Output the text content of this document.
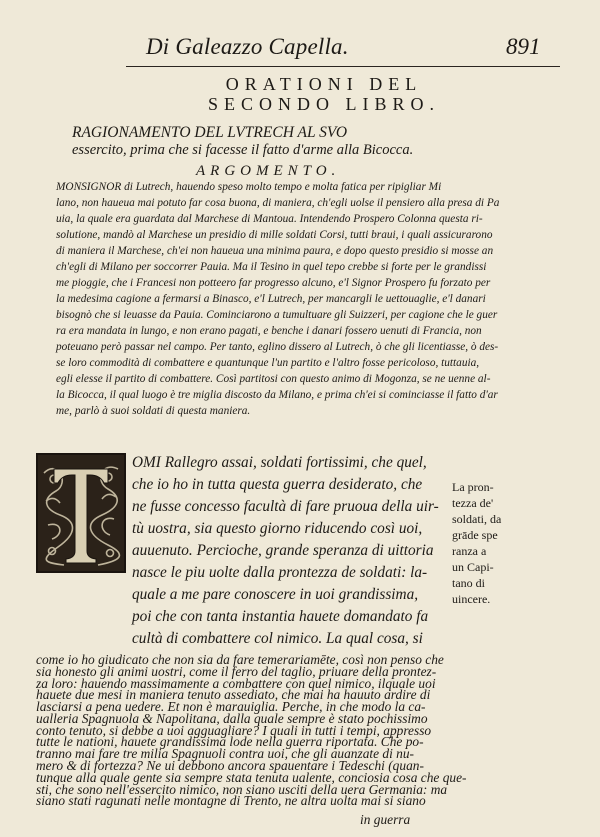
Di Galeazzo Capella.	891
ORATIONI DEL
SECONDO LIBRO.
RAGIONAMENTO DEL LVTRECH AL SVO
essercito, prima che si facesse il fatto d'arme alla Bicocca.
ARGOMENTO.
MONSIGNOR di Lutrech, hauendo speso molto tempo e molta fatica per ripigliar Mi
lano, non haueua mai potuto far cosa buona, di maniera, ch'egli uolse il pensiero alla presa di Pa
uia, la quale era guardata dal Marchese di Mantoua. Intendendo Prospero Colonna questa ri-
solutione, mandò al Marchese un presidio di mille soldati Corsi, tutti braui, i quali assicurarono
di maniera il Marchese, ch'ei non haueua una minima paura, e dopo questo presidio si mosse an
ch'egli di Milano per soccorrer Pauia. Ma il Tesino in quel tepo crebbe si forte per le grandissi
me pioggie, che i Francesi non potteero far progresso alcuno, e'l Signor Prospero fu forzato per
la medesima cagione a fermarsi a Binasco, e'l Lutrech, per mancargli le uettouaglie, e'l danari
bisognò che si leuasse da Pauia. Cominciarono a tumultuare gli Suizzeri, per cagione che le guer
ra era mandata in lungo, e non erano pagati, e benche i danari fossero uenuti di Francia, non
poteuano però passar nel campo. Per tanto, eglino dissero al Lutrech, ò che gli licentiasse, ò des-
se loro commodità di combattere e quantunque l'un partito e l'altro fosse pericoloso, tuttauia,
egli elesse il partito di combattere. Così partitosi con questo animo di Mogonza, se ne uenne al-
la Bicocca, il qual luogo è tre miglia discosto da Milano, e prima ch'ei si cominciasse il fatto d'ar
me, parlò à suoi soldati di questa maniera.
OMI Rallegro assai, soldati fortissimi, che quel,
che io ho in tutta questa guerra desiderato, che
ne fusse concesso facultà di fare pruoua della uir-
tù uostra, sia questo giorno riducendo così uoi,
auuenuto. Percioche, grande speranza di uittoria
nasce le piu uolte dalla prontezza de soldati: la-
quale a me pare conoscere in uoi grandissima,
poi che con tanta instantia hauete domandato fa
cultà di combattere col nimico. La qual cosa, si
come io ho giudicato che non sia da fare temerariamēte, così non penso che
sia honesto gli animi uostri, come il ferro del taglio, priuare della prontez-
za loro: hauendo massimamente a combattere con quel nimico, ilquale uoi
hauete due mesi in maniera tenuto assediato, che mai ha hauuto ardire di
lasciarsi a pena uedere. Et non è marauiglia. Perche, in che modo la ca-
ualleria Spagnuola & Napolitana, dalla quale sempre è stato pochissimo
conto tenuto, si debbe a uoi agguagliare? I quali in tutti i tempi, appresso
tutte le nationi, hauete grandissima lode nella guerra riportata. Che po-
tranno mai fare tre milia Spagnuoli contra uoi, che gli auanzate di nu-
mero & di fortezza? Ne ui debbono ancora spauentare i Tedeschi (quan-
tunque alla quale gente sia sempre stata tenuta ualente, conciosia cosa che que-
sti, che sono nell'essercito nimico, non siano usciti della uera Germania: ma
siano stati ragunati nelle montagne di Trento, ne altra uolta mai si siano
in guerra
La pron-
tezza de'
soldati, da
grāde spe
ranza a
un Capi-
tano di
uincere.
